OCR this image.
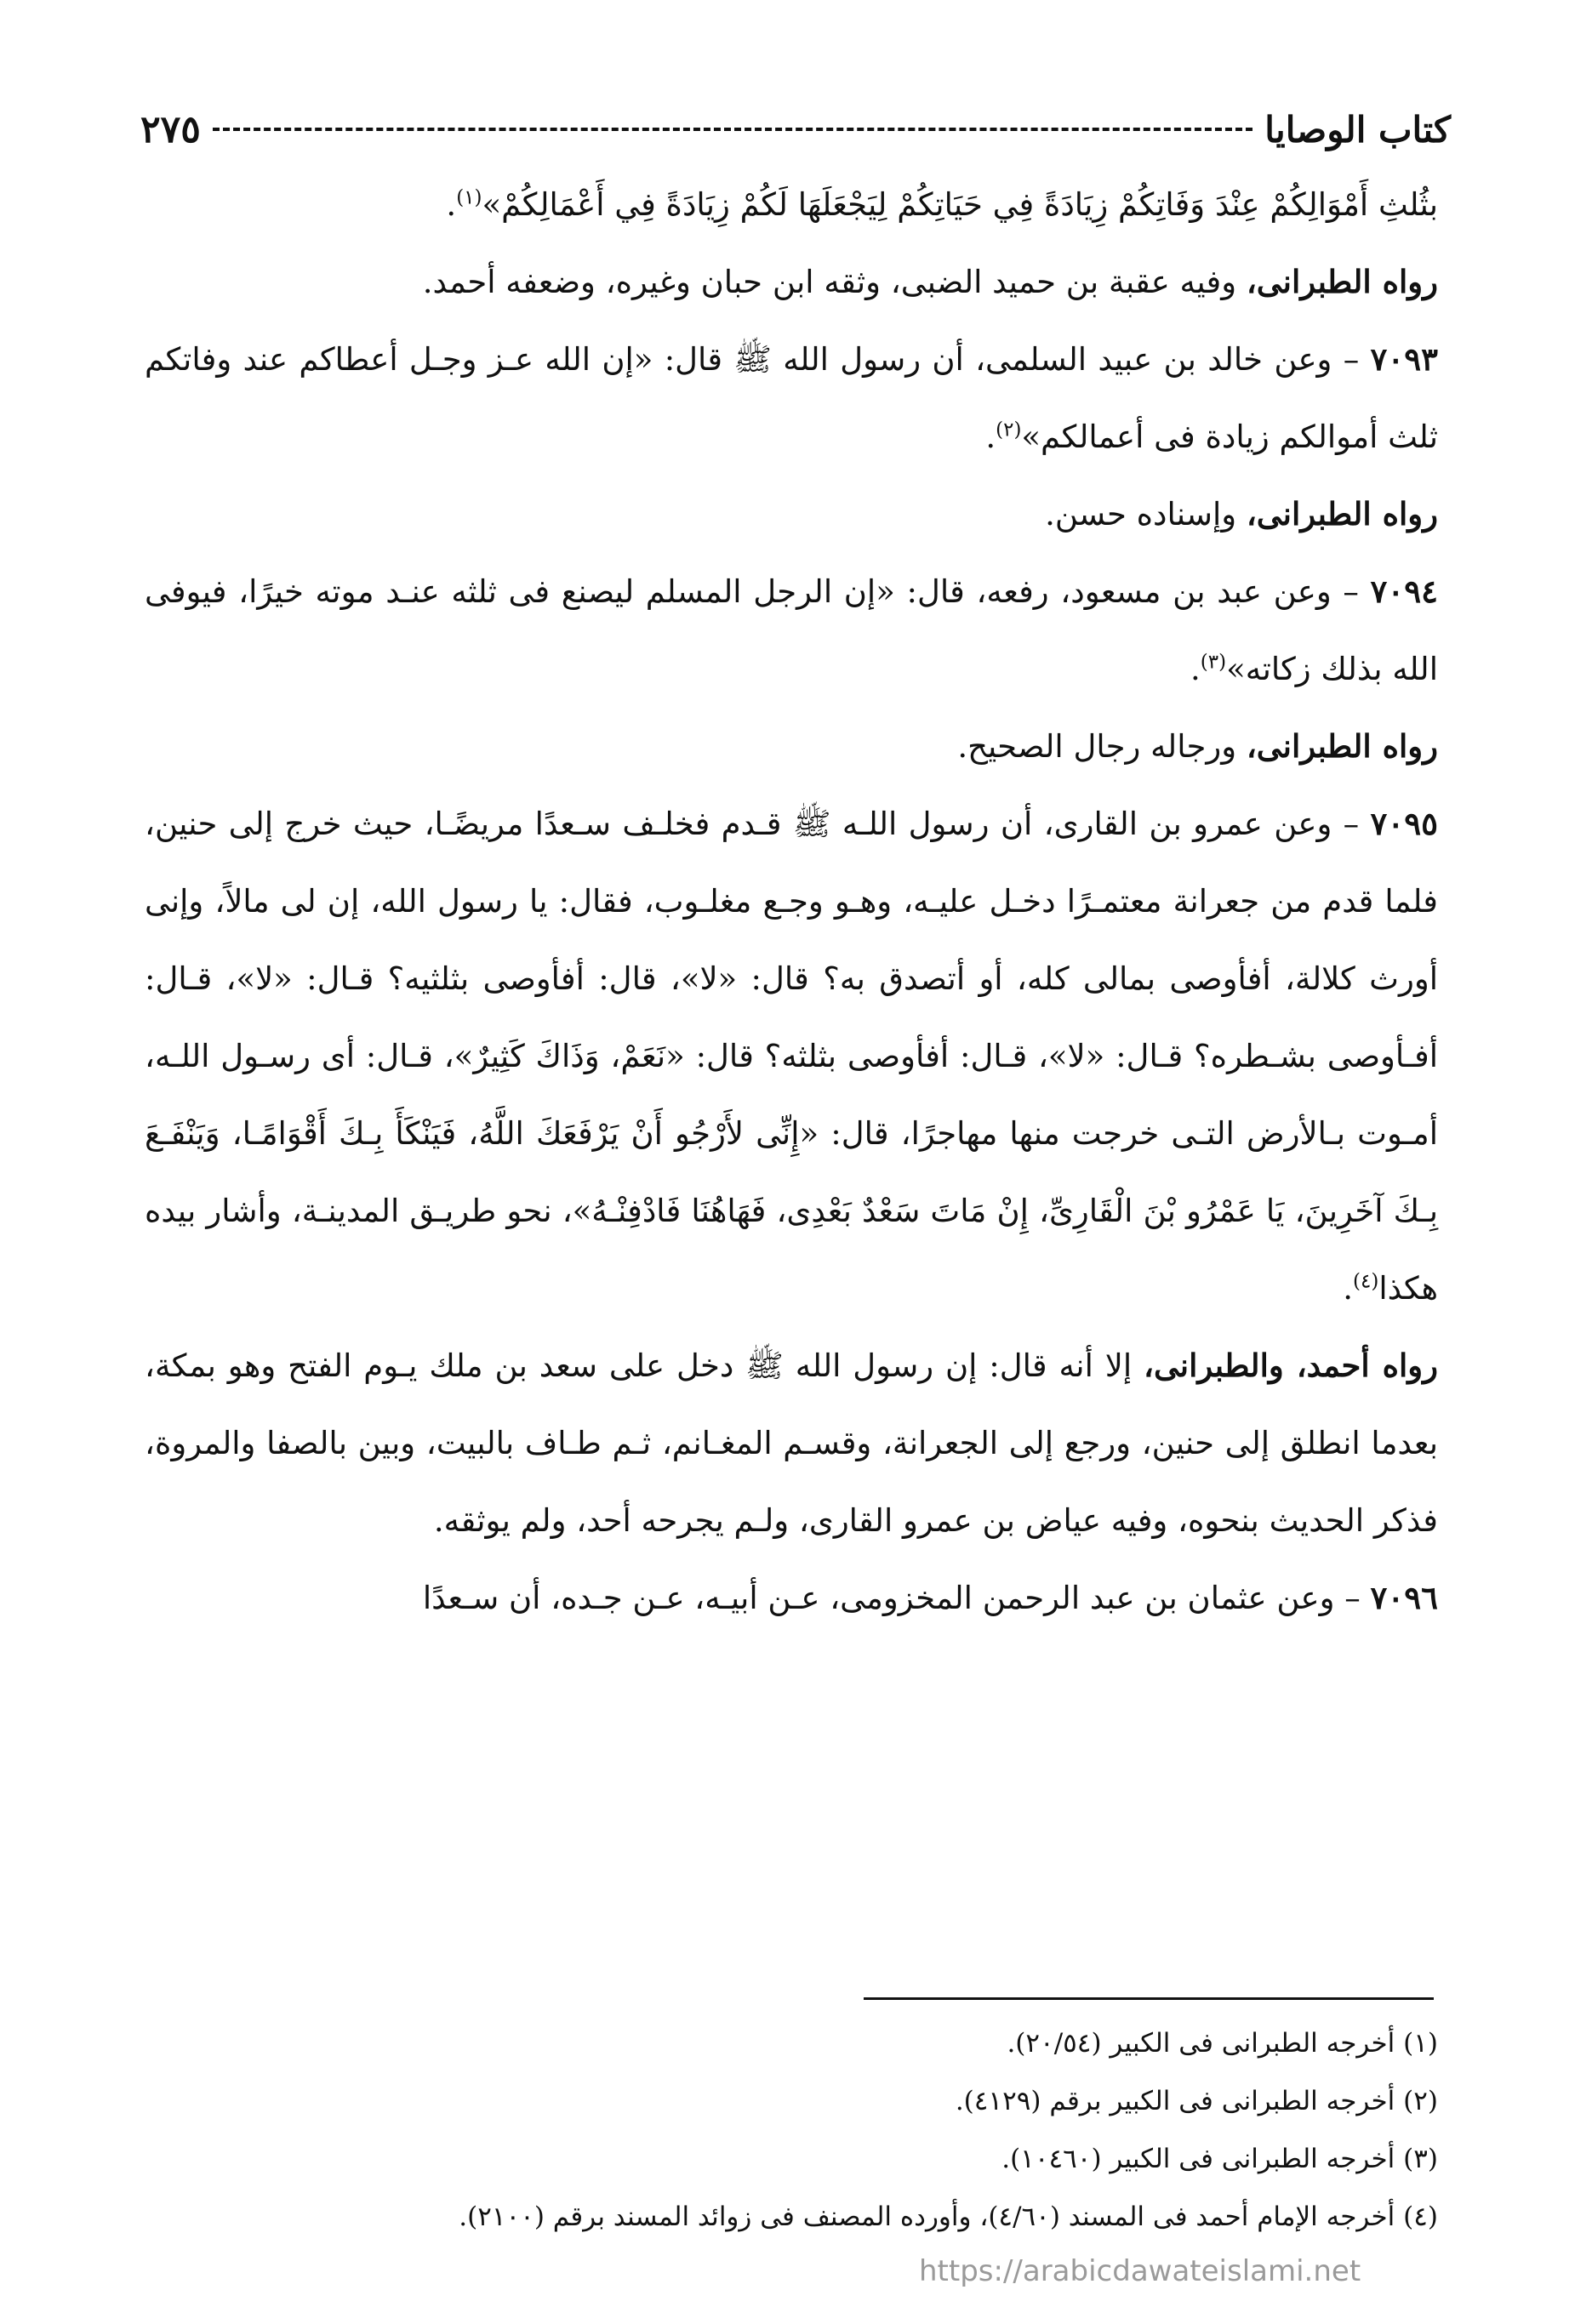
كتاب الوصايا
٢٧٥

بثُلثِ أَمْوَالِكُمْ عِنْدَ وَفَاتِكُمْ زِيَادَةً فِي حَيَاتِكُمْ لِيَجْعَلَهَا لَكُمْ زِيَادَةً فِي أَعْمَالِكُمْ»$^{(١)}$.

رواه الطبرانى، وفيه عقبة بن حميد الضبى، وثقه ابن حبان وغيره، وضعفه أحمد.

٧٠٩٣ – وعن خالد بن عبيد السلمى، أن رسول الله ﷺ قال: «إن الله عـز وجـل أعطاكم عند وفاتكم ثلث أموالكم زيادة فى أعمالكم»$^{(٢)}$.

رواه الطبرانى، وإسناده حسن.

٧٠٩٤ – وعن عبد بن مسعود، رفعه، قال: «إن الرجل المسلم ليصنع فى ثلثه عنـد موته خيرًا، فيوفى الله بذلك زكاته»$^{(٣)}$.

رواه الطبرانى، ورجاله رجال الصحيح.

٧٠٩٥ – وعن عمرو بن القارى، أن رسول اللـه ﷺ قـدم فخلـف سـعدًا مريضًـا، حيث خرج إلى حنين، فلما قدم من جعرانة معتمـرًا دخـل عليـه، وهـو وجـع مغلـوب، فقال: يا رسول الله، إن لى مالاً، وإنى أورث كلالة، أفأوصى بمالى كله، أو أتصدق به؟ قال: «لا»، قال: أفأوصى بثلثيه؟ قـال: «لا»، قـال: أفـأوصى بشـطره؟ قـال: «لا»، قـال: أفأوصى بثلثه؟ قال: «نَعَمْ، وَذَاكَ كَثِيرٌ»، قـال: أى رسـول اللـه، أمـوت بـالأرض التـى خرجت منها مهاجرًا، قال: «إِنِّى لأَرْجُو أَنْ يَرْفَعَكَ اللَّهُ، فَيَنْكَأَ بِـكَ أَقْوَامًـا، وَيَنْفَـعَ بِـكَ آخَرِينَ، يَا عَمْرُو بْنَ الْقَارِىِّ، إِنْ مَاتَ سَعْدٌ بَعْدِى، فَهَاهُنَا فَادْفِنْـهُ»، نحو طريـق المدينـة، وأشار بيده هكذا$^{(٤)}$.

رواه أحمد، والطبرانى، إلا أنه قال: إن رسول الله ﷺ دخل على سعد بن ملك يـوم الفتح وهو بمكة، بعدما انطلق إلى حنين، ورجع إلى الجعرانة، وقسـم المغـانم، ثـم طـاف بالبيت، وبين بالصفا والمروة، فذكر الحديث بنحوه، وفيه عياض بن عمرو القارى، ولـم يجرحه أحد، ولم يوثقه.

٧٠٩٦ – وعن عثمان بن عبد الرحمن المخزومى، عـن أبيـه، عـن جـده، أن سـعدًا

(١) أخرجه الطبرانى فى الكبير (٢٠/٥٤).

(٢) أخرجه الطبرانى فى الكبير برقم (٤١٢٩).

(٣) أخرجه الطبرانى فى الكبير (١٠٤٦٠).

(٤) أخرجه الإمام أحمد فى المسند (٤/٦٠)، وأورده المصنف فى زوائد المسند برقم (٢١٠٠).

https://arabicdawateislami.net
